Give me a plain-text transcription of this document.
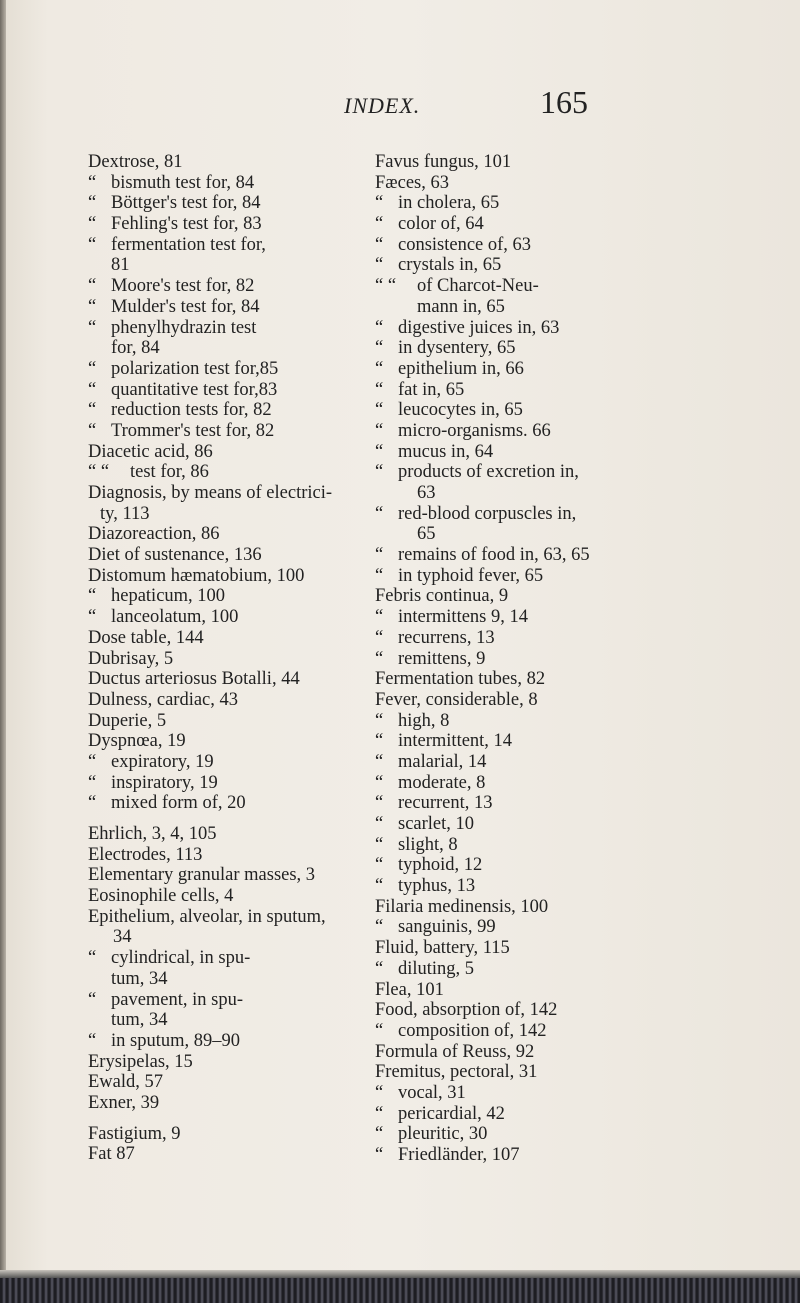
INDEX.	165
Dextrose, 81
“ bismuth test for, 84
“ Böttger's test for, 84
“ Fehling's test for, 83
“ fermentation test for,
81
“ Moore's test for, 82
“ Mulder's test for, 84
“ phenylhydrazin test
for, 84
“ polarization test for,85
“ quantitative test for,83
“ reduction tests for, 82
“ Trommer's test for, 82
Diacetic acid, 86
“ “	test for, 86
Diagnosis, by means of electrici-
ty, 113
Diazoreaction, 86
Diet of sustenance, 136
Distomum hæmatobium, 100
“ hepaticum, 100
“ lanceolatum, 100
Dose table, 144
Dubrisay, 5
Ductus arteriosus Botalli, 44
Dulness, cardiac, 43
Duperie, 5
Dyspnœa, 19
“ expiratory, 19
“ inspiratory, 19
“ mixed form of, 20
Ehrlich, 3, 4, 105
Electrodes, 113
Elementary granular masses, 3
Eosinophile cells, 4
Epithelium, alveolar, in sputum,
34
“ cylindrical, in spu-
tum, 34
“ pavement, in spu-
tum, 34
“ in sputum, 89–90
Erysipelas, 15
Ewald, 57
Exner, 39
Fastigium, 9
Fat 87
Favus fungus, 101
Fæces, 63
“ in cholera, 65
“ color of, 64
“ consistence of, 63
“ crystals in, 65
“ “	of Charcot-Neu-
mann in, 65
“ digestive juices in, 63
“ in dysentery, 65
“ epithelium in, 66
“ fat in, 65
“ leucocytes in, 65
“ micro-organisms. 66
“ mucus in, 64
“ products of excretion in,
63
“ red-blood corpuscles in,
65
“ remains of food in, 63, 65
“ in typhoid fever, 65
Febris continua, 9
“ intermittens 9, 14
“ recurrens, 13
“ remittens, 9
Fermentation tubes, 82
Fever, considerable, 8
“ high, 8
“ intermittent, 14
“ malarial, 14
“ moderate, 8
“ recurrent, 13
“ scarlet, 10
“ slight, 8
“ typhoid, 12
“ typhus, 13
Filaria medinensis, 100
“ sanguinis, 99
Fluid, battery, 115
“ diluting, 5
Flea, 101
Food, absorption of, 142
“ composition of, 142
Formula of Reuss, 92
Fremitus, pectoral, 31
“ vocal, 31
“ pericardial, 42
“ pleuritic, 30
“ Friedländer, 107
